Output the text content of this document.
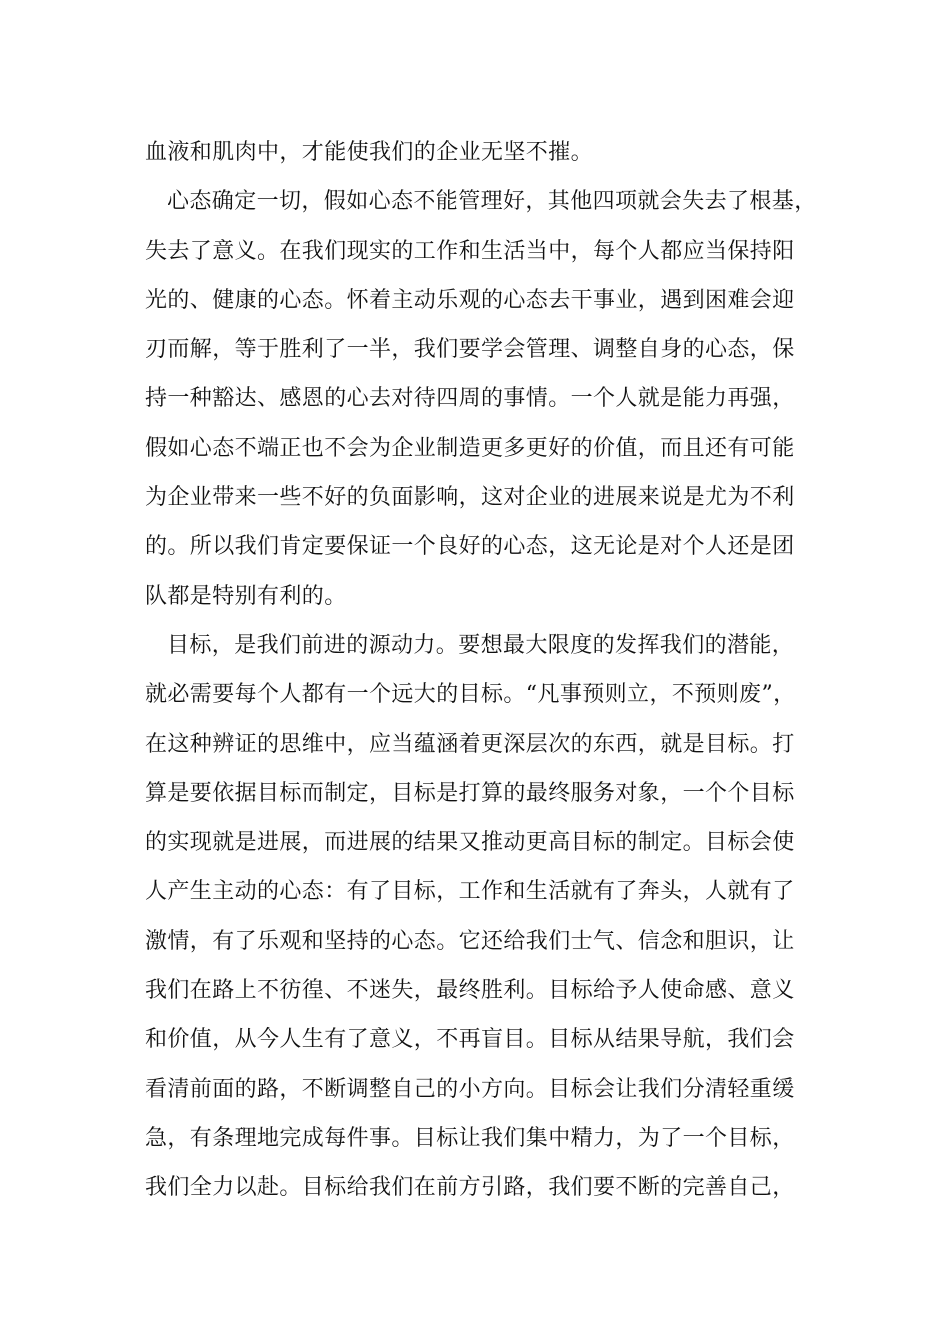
血液和肌肉中，才能使我们的企业无坚不摧。
心态确定一切，假如心态不能管理好，其他四项就会失去了根基，
失去了意义。在我们现实的工作和生活当中，每个人都应当保持阳
光的、健康的心态。怀着主动乐观的心态去干事业，遇到困难会迎
刃而解，等于胜利了一半，我们要学会管理、调整自身的心态，保
持一种豁达、感恩的心去对待四周的事情。一个人就是能力再强，
假如心态不端正也不会为企业制造更多更好的价值，而且还有可能
为企业带来一些不好的负面影响，这对企业的进展来说是尤为不利
的。所以我们肯定要保证一个良好的心态，这无论是对个人还是团
队都是特别有利的。
目标，是我们前进的源动力。要想最大限度的发挥我们的潜能，
就必需要每个人都有一个远大的目标。“凡事预则立，不预则废”，
在这种辨证的思维中，应当蕴涵着更深层次的东西，就是目标。打
算是要依据目标而制定，目标是打算的最终服务对象，一个个目标
的实现就是进展，而进展的结果又推动更高目标的制定。目标会使
人产生主动的心态：有了目标，工作和生活就有了奔头，人就有了
激情，有了乐观和坚持的心态。它还给我们士气、信念和胆识，让
我们在路上不彷徨、不迷失，最终胜利。目标给予人使命感、意义
和价值，从今人生有了意义，不再盲目。目标从结果导航，我们会
看清前面的路，不断调整自己的小方向。目标会让我们分清轻重缓
急，有条理地完成每件事。目标让我们集中精力，为了一个目标，
我们全力以赴。目标给我们在前方引路，我们要不断的完善自己，
